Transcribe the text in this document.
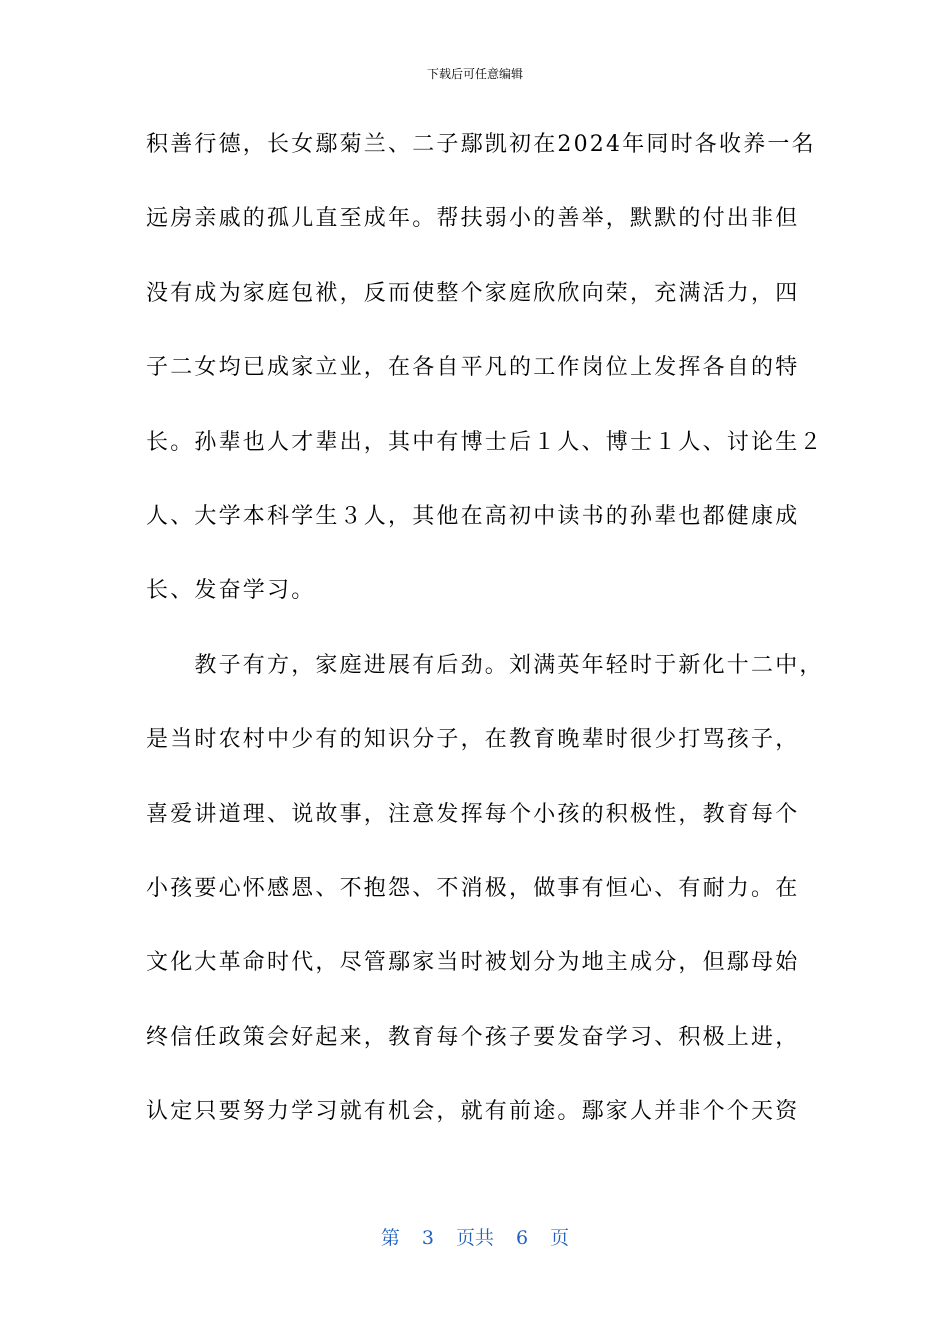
下载后可任意编辑
积善行德，长女鄢菊兰、二子鄢凯初在2024年同时各收养一名
远房亲戚的孤儿直至成年。帮扶弱小的善举，默默的付出非但
没有成为家庭包袱，反而使整个家庭欣欣向荣，充满活力，四
子二女均已成家立业，在各自平凡的工作岗位上发挥各自的特
长。孙辈也人才辈出，其中有博士后１人、博士１人、讨论生２
人、大学本科学生３人，其他在高初中读书的孙辈也都健康成
长、发奋学习。
　　教子有方，家庭进展有后劲。刘满英年轻时于新化十二中，
是当时农村中少有的知识分子，在教育晚辈时很少打骂孩子，
喜爱讲道理、说故事，注意发挥每个小孩的积极性，教育每个
小孩要心怀感恩、不抱怨、不消极，做事有恒心、有耐力。在
文化大革命时代，尽管鄢家当时被划分为地主成分，但鄢母始
终信任政策会好起来，教育每个孩子要发奋学习、积极上进，
认定只要努力学习就有机会，就有前途。鄢家人并非个个天资
第 3 页共 6 页
